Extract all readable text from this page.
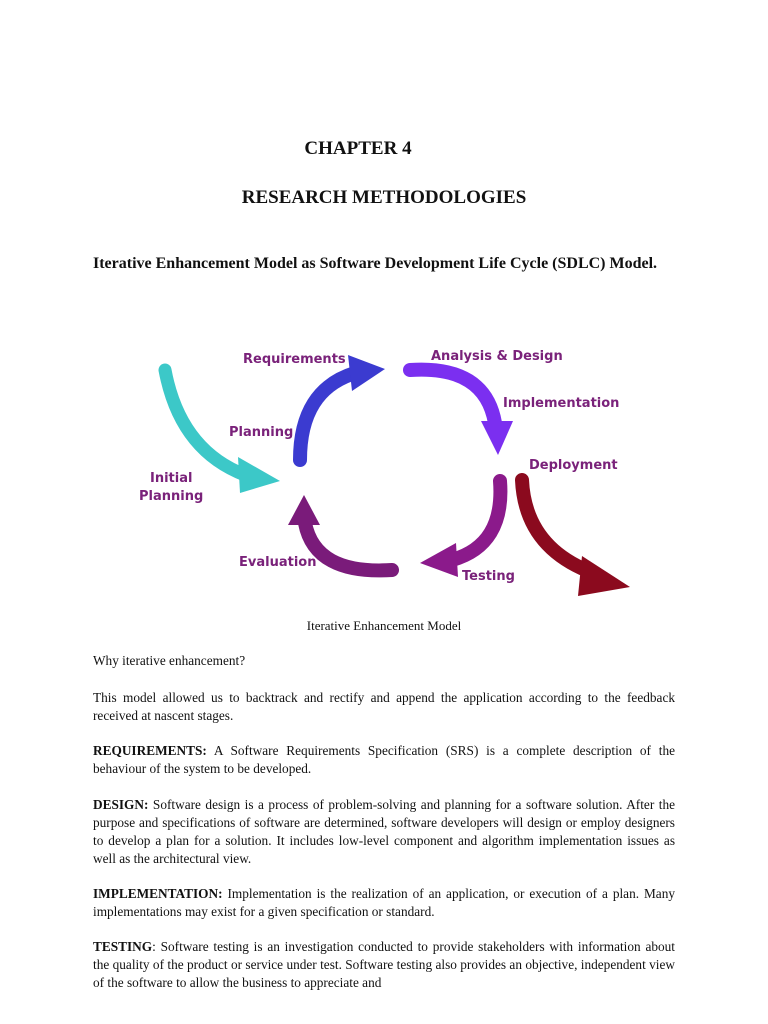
CHAPTER 4
RESEARCH METHODOLOGIES
Iterative Enhancement Model as Software Development Life Cycle (SDLC) Model.
Requirements	Analysis & Design
Implementation
Planning
Deployment
Initial
Planning
Evaluation
Testing
Iterative Enhancement Model
Why iterative enhancement?
This model allowed us to backtrack and rectify and append the application according to the feedback received at nascent stages.
REQUIREMENTS: A Software Requirements Specification (SRS) is a complete description of the behaviour of the system to be developed.
DESIGN: Software design is a process of problem-solving and planning for a software solution. After the purpose and specifications of software are determined, software developers will design or employ designers to develop a plan for a solution. It includes low-level component and algorithm implementation issues as well as the architectural view.
IMPLEMENTATION: Implementation is the realization of an application, or execution of a plan. Many implementations may exist for a given specification or standard.
TESTING: Software testing is an investigation conducted to provide stakeholders with information about the quality of the product or service under test. Software testing also provides an objective, independent view of the software to allow the business to appreciate and
